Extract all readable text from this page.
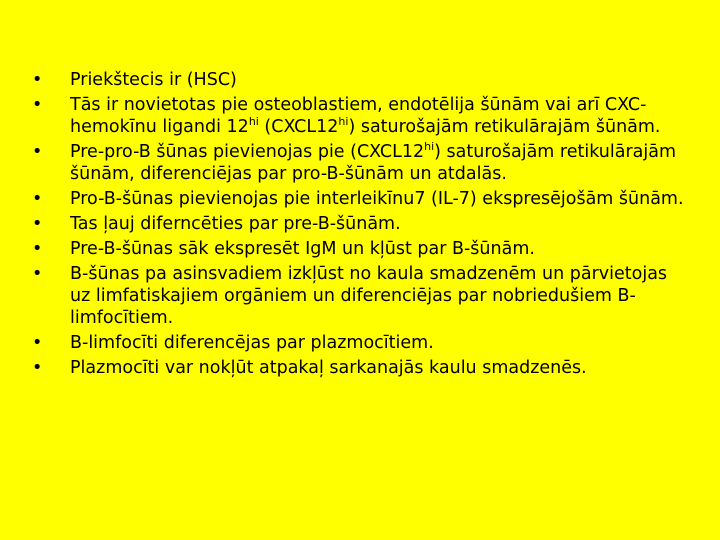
•	Priekštecis ir (HSC)
•	Tās ir novietotas pie osteoblastiem, endotēlija šūnām vai arī CXC-hemokīnu ligandi $12^{hi}$ $(CXCL12^{hi})$ saturošajām retikulārajām šūnām.
•	Pre-pro-B šūnas pievienojas pie $(CXCL12^{hi})$ saturošajām retikulārajām šūnām, diferenciējas par pro-B-šūnām un atdalās.
•	Pro-B-šūnas pievienojas pie interleikīnu7 (IL-7) ekspresējošām šūnām.
•	Tas ļauj diferncēties par pre-B-šūnām.
•	Pre-B-šūnas sāk ekspresēt IgM un kļūst par B-šūnām.
•	B-šūnas pa asinsvadiem izkļūst no kaula smadzenēm un pārvietojas uz limfatiskajiem orgāniem un diferenciējas par nobriedušiem B-limfocītiem.
•	B-limfocīti diferencējas par plazmocītiem.
•	Plazmocīti var nokļūt atpakaļ sarkanajās kaulu smadzenēs.
